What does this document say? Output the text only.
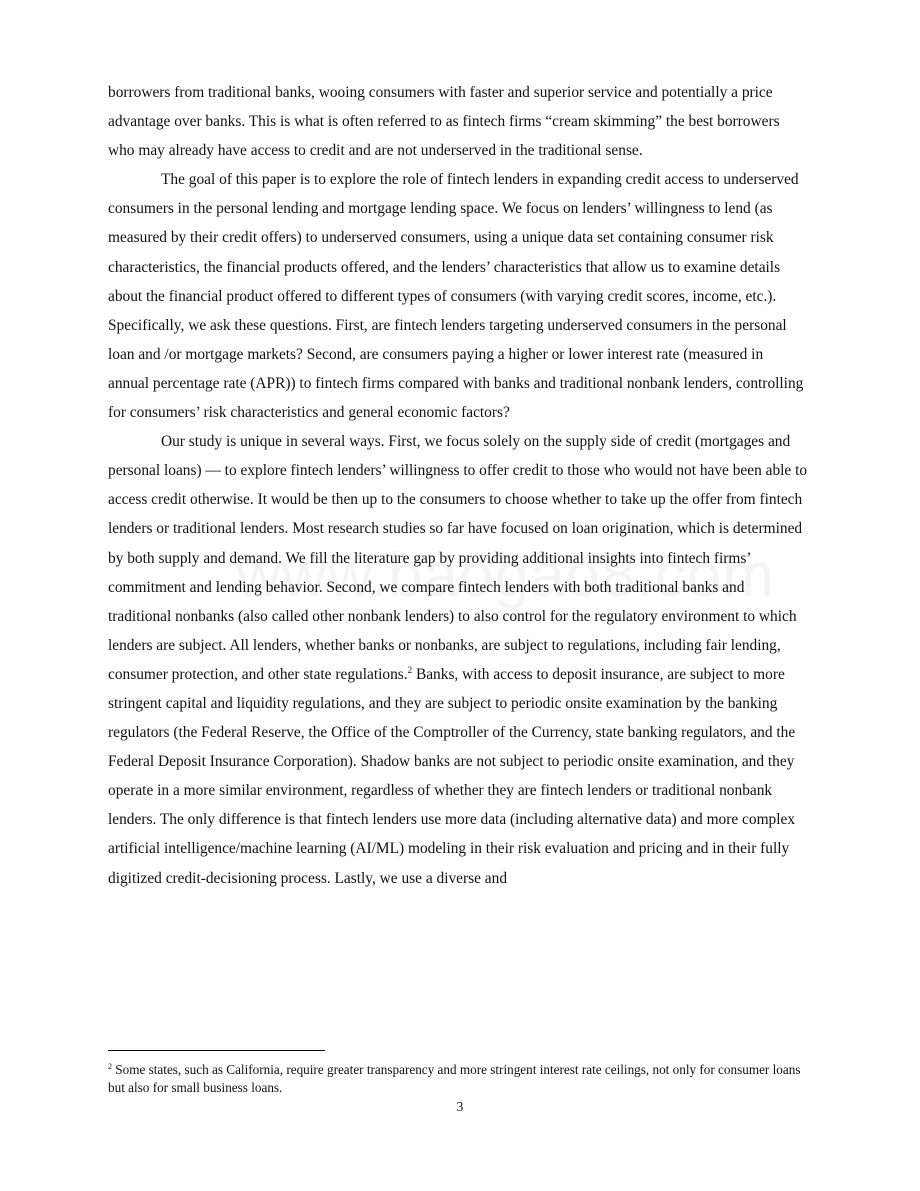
borrowers from traditional banks, wooing consumers with faster and superior service and potentially a price advantage over banks. This is what is often referred to as fintech firms “cream skimming” the best borrowers who may already have access to credit and are not underserved in the traditional sense.

The goal of this paper is to explore the role of fintech lenders in expanding credit access to underserved consumers in the personal lending and mortgage lending space. We focus on lenders’ willingness to lend (as measured by their credit offers) to underserved consumers, using a unique data set containing consumer risk characteristics, the financial products offered, and the lenders’ characteristics that allow us to examine details about the financial product offered to different types of consumers (with varying credit scores, income, etc.). Specifically, we ask these questions. First, are fintech lenders targeting underserved consumers in the personal loan and /or mortgage markets? Second, are consumers paying a higher or lower interest rate (measured in annual percentage rate (APR)) to fintech firms compared with banks and traditional nonbank lenders, controlling for consumers’ risk characteristics and general economic factors?

Our study is unique in several ways. First, we focus solely on the supply side of credit (mortgages and personal loans) — to explore fintech lenders’ willingness to offer credit to those who would not have been able to access credit otherwise. It would be then up to the consumers to choose whether to take up the offer from fintech lenders or traditional lenders. Most research studies so far have focused on loan origination, which is determined by both supply and demand. We fill the literature gap by providing additional insights into fintech firms’ commitment and lending behavior. Second, we compare fintech lenders with both traditional banks and traditional nonbanks (also called other nonbank lenders) to also control for the regulatory environment to which lenders are subject. All lenders, whether banks or nonbanks, are subject to regulations, including fair lending, consumer protection, and other state regulations.$^2$ Banks, with access to deposit insurance, are subject to more stringent capital and liquidity regulations, and they are subject to periodic onsite examination by the banking regulators (the Federal Reserve, the Office of the Comptroller of the Currency, state banking regulators, and the Federal Deposit Insurance Corporation). Shadow banks are not subject to periodic onsite examination, and they operate in a more similar environment, regardless of whether they are fintech lenders or traditional nonbank lenders. The only difference is that fintech lenders use more data (including alternative data) and more complex artificial intelligence/machine learning (AI/ML) modeling in their risk evaluation and pricing and in their fully digitized credit-decisioning process. Lastly, we use a diverse and

$^2$ Some states, such as California, require greater transparency and more stringent interest rate ceilings, not only for consumer loans but also for small business loans.
3
